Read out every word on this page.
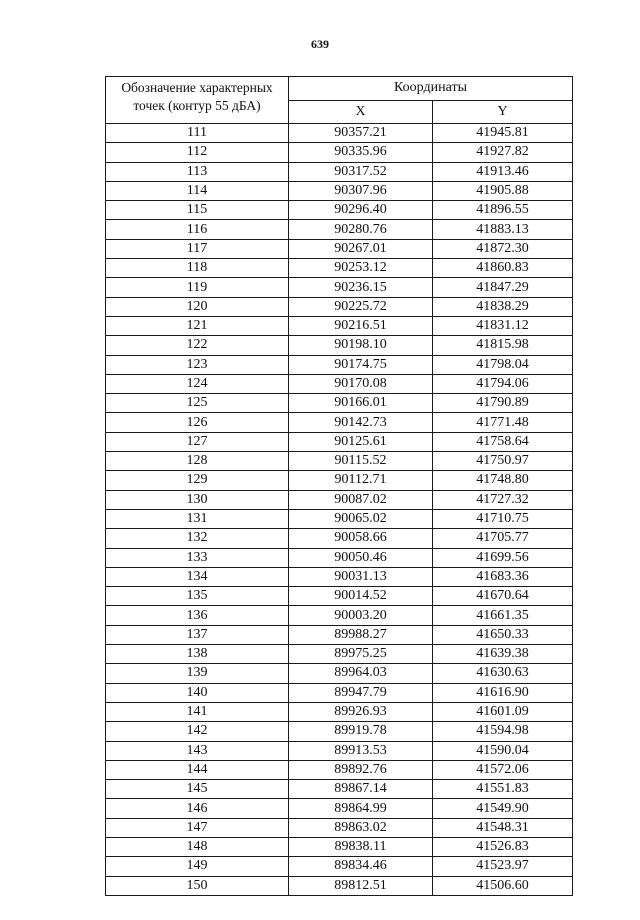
639
Обозначение характерных точек (контур 55 дБА)	Координаты	
	X	Y
111	90357.21	41945.81
112	90335.96	41927.82
113	90317.52	41913.46
114	90307.96	41905.88
115	90296.40	41896.55
116	90280.76	41883.13
117	90267.01	41872.30
118	90253.12	41860.83
119	90236.15	41847.29
120	90225.72	41838.29
121	90216.51	41831.12
122	90198.10	41815.98
123	90174.75	41798.04
124	90170.08	41794.06
125	90166.01	41790.89
126	90142.73	41771.48
127	90125.61	41758.64
128	90115.52	41750.97
129	90112.71	41748.80
130	90087.02	41727.32
131	90065.02	41710.75
132	90058.66	41705.77
133	90050.46	41699.56
134	90031.13	41683.36
135	90014.52	41670.64
136	90003.20	41661.35
137	89988.27	41650.33
138	89975.25	41639.38
139	89964.03	41630.63
140	89947.79	41616.90
141	89926.93	41601.09
142	89919.78	41594.98
143	89913.53	41590.04
144	89892.76	41572.06
145	89867.14	41551.83
146	89864.99	41549.90
147	89863.02	41548.31
148	89838.11	41526.83
149	89834.46	41523.97
150	89812.51	41506.60
